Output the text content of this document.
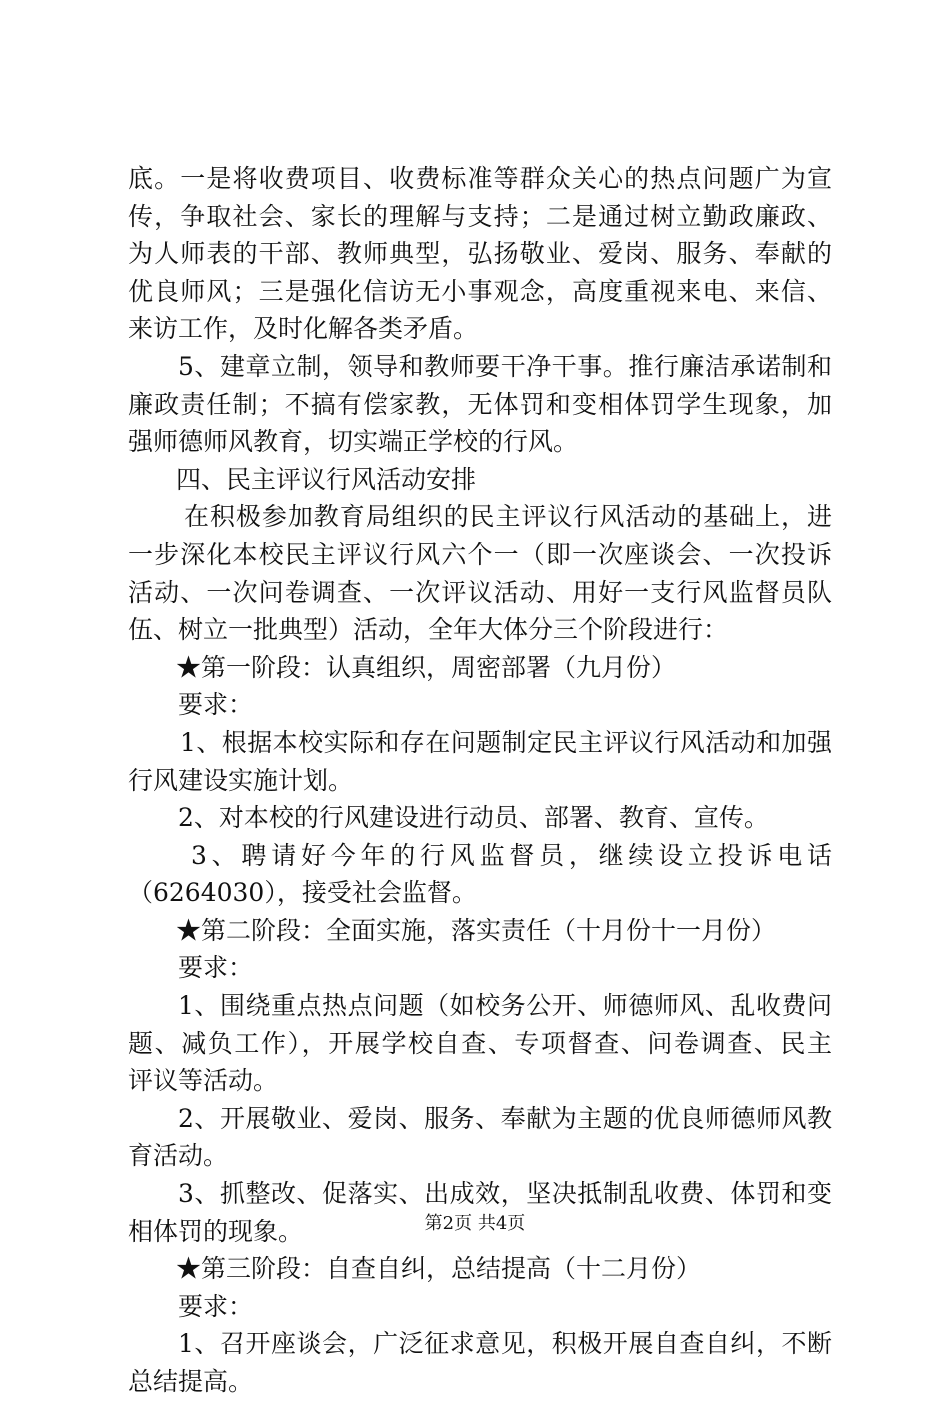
底。一是将收费项目、收费标准等群众关心的热点问题广为宣
传，争取社会、家长的理解与支持；二是通过树立勤政廉政、
为人师表的干部、教师典型，弘扬敬业、爱岗、服务、奉献的
优良师风；三是强化信访无小事观念，高度重视来电、来信、
来访工作，及时化解各类矛盾。
5、建章立制，领导和教师要干净干事。推行廉洁承诺制和
廉政责任制；不搞有偿家教，无体罚和变相体罚学生现象，加
强师德师风教育，切实端正学校的行风。
四、民主评议行风活动安排
在积极参加教育局组织的民主评议行风活动的基础上，进
一步深化本校民主评议行风六个一（即一次座谈会、一次投诉
活动、一次问卷调查、一次评议活动、用好一支行风监督员队
伍、树立一批典型）活动，全年大体分三个阶段进行：
★第一阶段：认真组织，周密部署（九月份）
要求：
1、根据本校实际和存在问题制定民主评议行风活动和加强
行风建设实施计划。
2、对本校的行风建设进行动员、部署、教育、宣传。
3、聘请好今年的行风监督员，继续设立投诉电话
（6264030），接受社会监督。
★第二阶段：全面实施，落实责任（十月份十一月份）
要求：
1、围绕重点热点问题（如校务公开、师德师风、乱收费问
题、减负工作），开展学校自查、专项督查、问卷调查、民主
评议等活动。
2、开展敬业、爱岗、服务、奉献为主题的优良师德师风教
育活动。
3、抓整改、促落实、出成效，坚决抵制乱收费、体罚和变
相体罚的现象。
★第三阶段：自查自纠，总结提高（十二月份）
要求：
1、召开座谈会，广泛征求意见，积极开展自查自纠，不断
总结提高。
第2页 共4页
